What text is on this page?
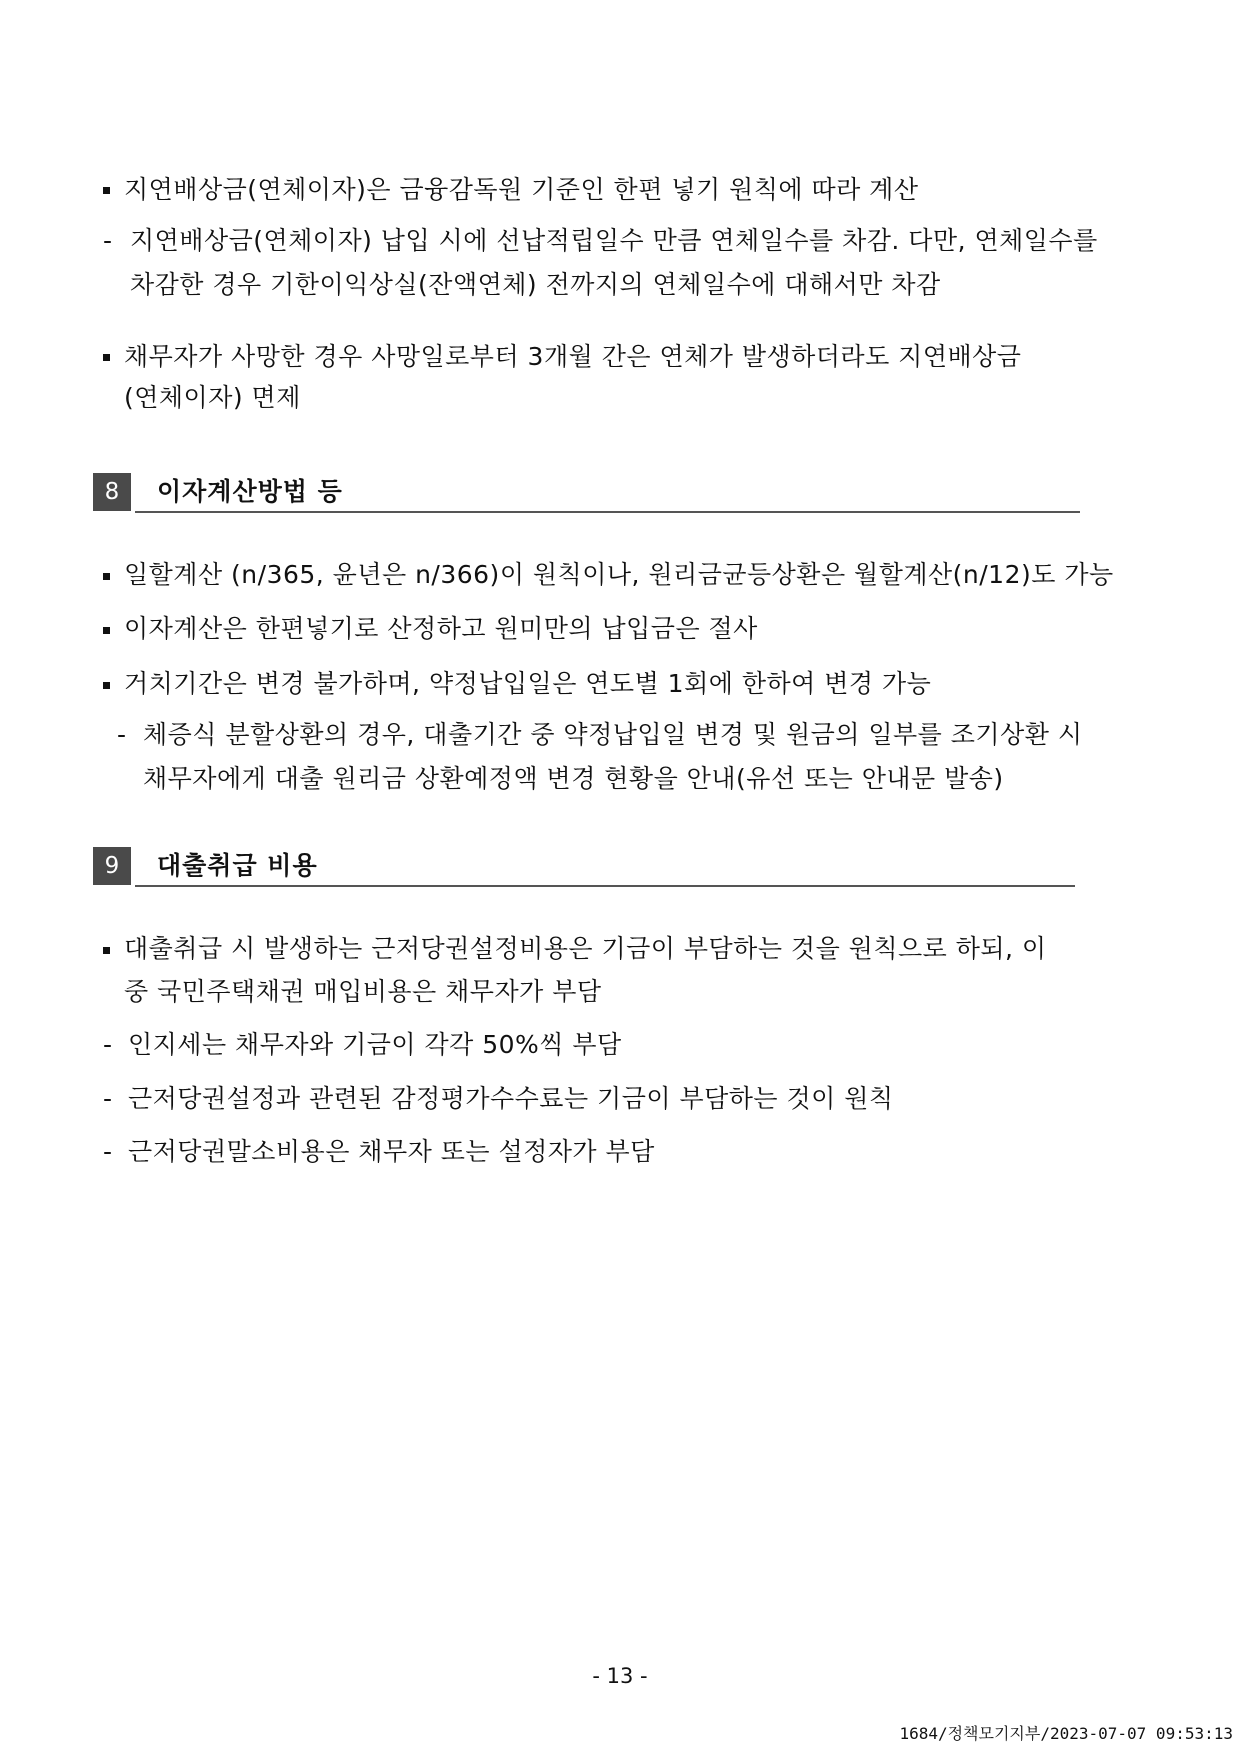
지연배상금(연체이자)은 금융감독원 기준인 한편 넣기 원칙에 따라 계산
- 지연배상금(연체이자) 납입 시에 선납적립일수 만큼 연체일수를 차감. 다만, 연체일수를
차감한 경우 기한이익상실(잔액연체) 전까지의 연체일수에 대해서만 차감
채무자가 사망한 경우 사망일로부터 3개월 간은 연체가 발생하더라도 지연배상금
(연체이자) 면제
8	이자계산방법 등
일할계산 (n/365, 윤년은 n/366)이 원칙이나, 원리금균등상환은 월할계산(n/12)도 가능
이자계산은 한편넣기로 산정하고 원미만의 납입금은 절사
거치기간은 변경 불가하며, 약정납입일은 연도별 1회에 한하여 변경 가능
- 체증식 분할상환의 경우, 대출기간 중 약정납입일 변경 및 원금의 일부를 조기상환 시
채무자에게 대출 원리금 상환예정액 변경 현황을 안내(유선 또는 안내문 발송)
9	대출취급 비용
대출취급 시 발생하는 근저당권설정비용은 기금이 부담하는 것을 원칙으로 하되, 이
중 국민주택채권 매입비용은 채무자가 부담
- 인지세는 채무자와 기금이 각각 50%씩 부담
- 근저당권설정과 관련된 감정평가수수료는 기금이 부담하는 것이 원칙
- 근저당권말소비용은 채무자 또는 설정자가 부담
- 13 -
1684/정책모기지부/2023-07-07 09:53:13
